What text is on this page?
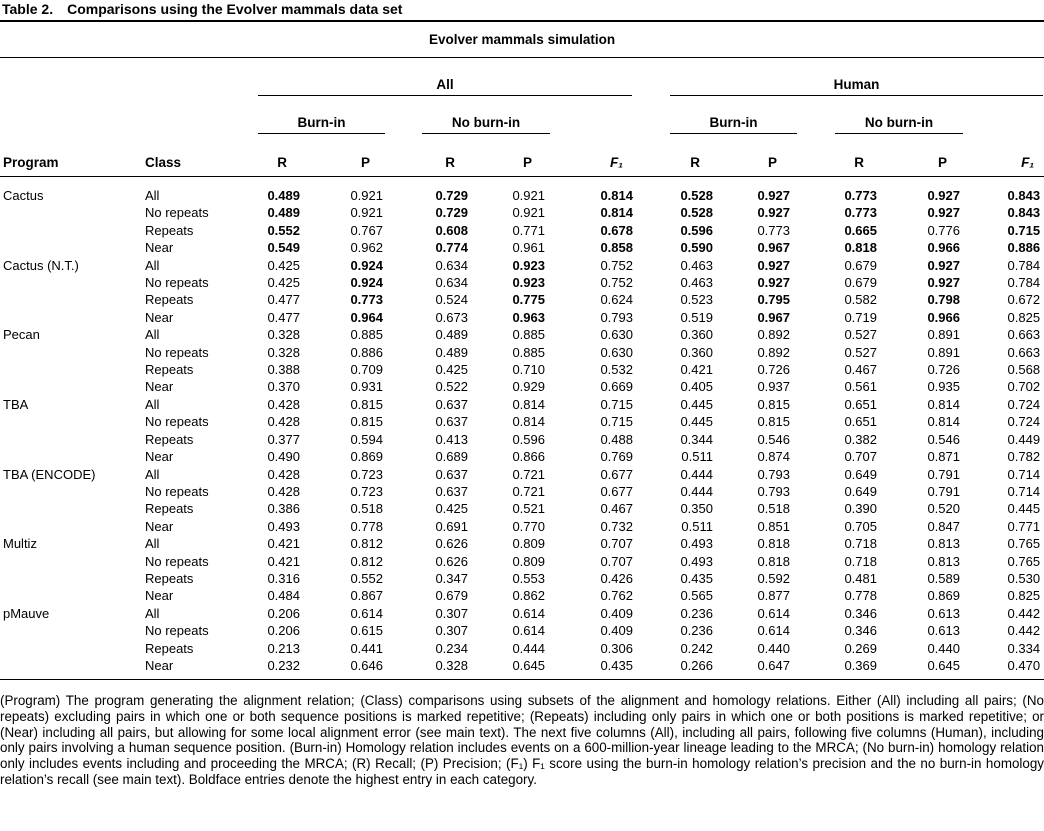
Table 2. Comparisons using the Evolver mammals data set
Evolver mammals simulation											

		All					Human				

		Burn-in		No burn-in			Burn-in		No burn-in		

Program	Class	R	P	R	P	F₁	R	P	R	P	F₁
Cactus	All	0.489	0.921	0.729	0.921	0.814	0.528	0.927	0.773	0.927	0.843
	No repeats	0.489	0.921	0.729	0.921	0.814	0.528	0.927	0.773	0.927	0.843
	Repeats	0.552	0.767	0.608	0.771	0.678	0.596	0.773	0.665	0.776	0.715
	Near	0.549	0.962	0.774	0.961	0.858	0.590	0.967	0.818	0.966	0.886
Cactus (N.T.)	All	0.425	0.924	0.634	0.923	0.752	0.463	0.927	0.679	0.927	0.784
	No repeats	0.425	0.924	0.634	0.923	0.752	0.463	0.927	0.679	0.927	0.784
	Repeats	0.477	0.773	0.524	0.775	0.624	0.523	0.795	0.582	0.798	0.672
	Near	0.477	0.964	0.673	0.963	0.793	0.519	0.967	0.719	0.966	0.825
Pecan	All	0.328	0.885	0.489	0.885	0.630	0.360	0.892	0.527	0.891	0.663
	No repeats	0.328	0.886	0.489	0.885	0.630	0.360	0.892	0.527	0.891	0.663
	Repeats	0.388	0.709	0.425	0.710	0.532	0.421	0.726	0.467	0.726	0.568
	Near	0.370	0.931	0.522	0.929	0.669	0.405	0.937	0.561	0.935	0.702
TBA	All	0.428	0.815	0.637	0.814	0.715	0.445	0.815	0.651	0.814	0.724
	No repeats	0.428	0.815	0.637	0.814	0.715	0.445	0.815	0.651	0.814	0.724
	Repeats	0.377	0.594	0.413	0.596	0.488	0.344	0.546	0.382	0.546	0.449
	Near	0.490	0.869	0.689	0.866	0.769	0.511	0.874	0.707	0.871	0.782
TBA (ENCODE)	All	0.428	0.723	0.637	0.721	0.677	0.444	0.793	0.649	0.791	0.714
	No repeats	0.428	0.723	0.637	0.721	0.677	0.444	0.793	0.649	0.791	0.714
	Repeats	0.386	0.518	0.425	0.521	0.467	0.350	0.518	0.390	0.520	0.445
	Near	0.493	0.778	0.691	0.770	0.732	0.511	0.851	0.705	0.847	0.771
Multiz	All	0.421	0.812	0.626	0.809	0.707	0.493	0.818	0.718	0.813	0.765
	No repeats	0.421	0.812	0.626	0.809	0.707	0.493	0.818	0.718	0.813	0.765
	Repeats	0.316	0.552	0.347	0.553	0.426	0.435	0.592	0.481	0.589	0.530
	Near	0.484	0.867	0.679	0.862	0.762	0.565	0.877	0.778	0.869	0.825
pMauve	All	0.206	0.614	0.307	0.614	0.409	0.236	0.614	0.346	0.613	0.442
	No repeats	0.206	0.615	0.307	0.614	0.409	0.236	0.614	0.346	0.613	0.442
	Repeats	0.213	0.441	0.234	0.444	0.306	0.242	0.440	0.269	0.440	0.334
	Near	0.232	0.646	0.328	0.645	0.435	0.266	0.647	0.369	0.645	0.470
(Program) The program generating the alignment relation; (Class) comparisons using subsets of the alignment and homology relations. Either (All) including all pairs; (No repeats) excluding pairs in which one or both sequence positions is marked repetitive; (Repeats) including only pairs in which one or both positions is marked repetitive; or (Near) including all pairs, but allowing for some local alignment error (see main text). The next five columns (All), including all pairs, following five columns (Human), including only pairs involving a human sequence position. (Burn-in) Homology relation includes events on a 600-million-year lineage leading to the MRCA; (No burn-in) homology relation only includes events including and proceeding the MRCA; (R) Recall; (P) Precision; (F₁) F₁ score using the burn-in homology relation’s precision and the no burn-in homology relation’s recall (see main text). Boldface entries denote the highest entry in each category.
